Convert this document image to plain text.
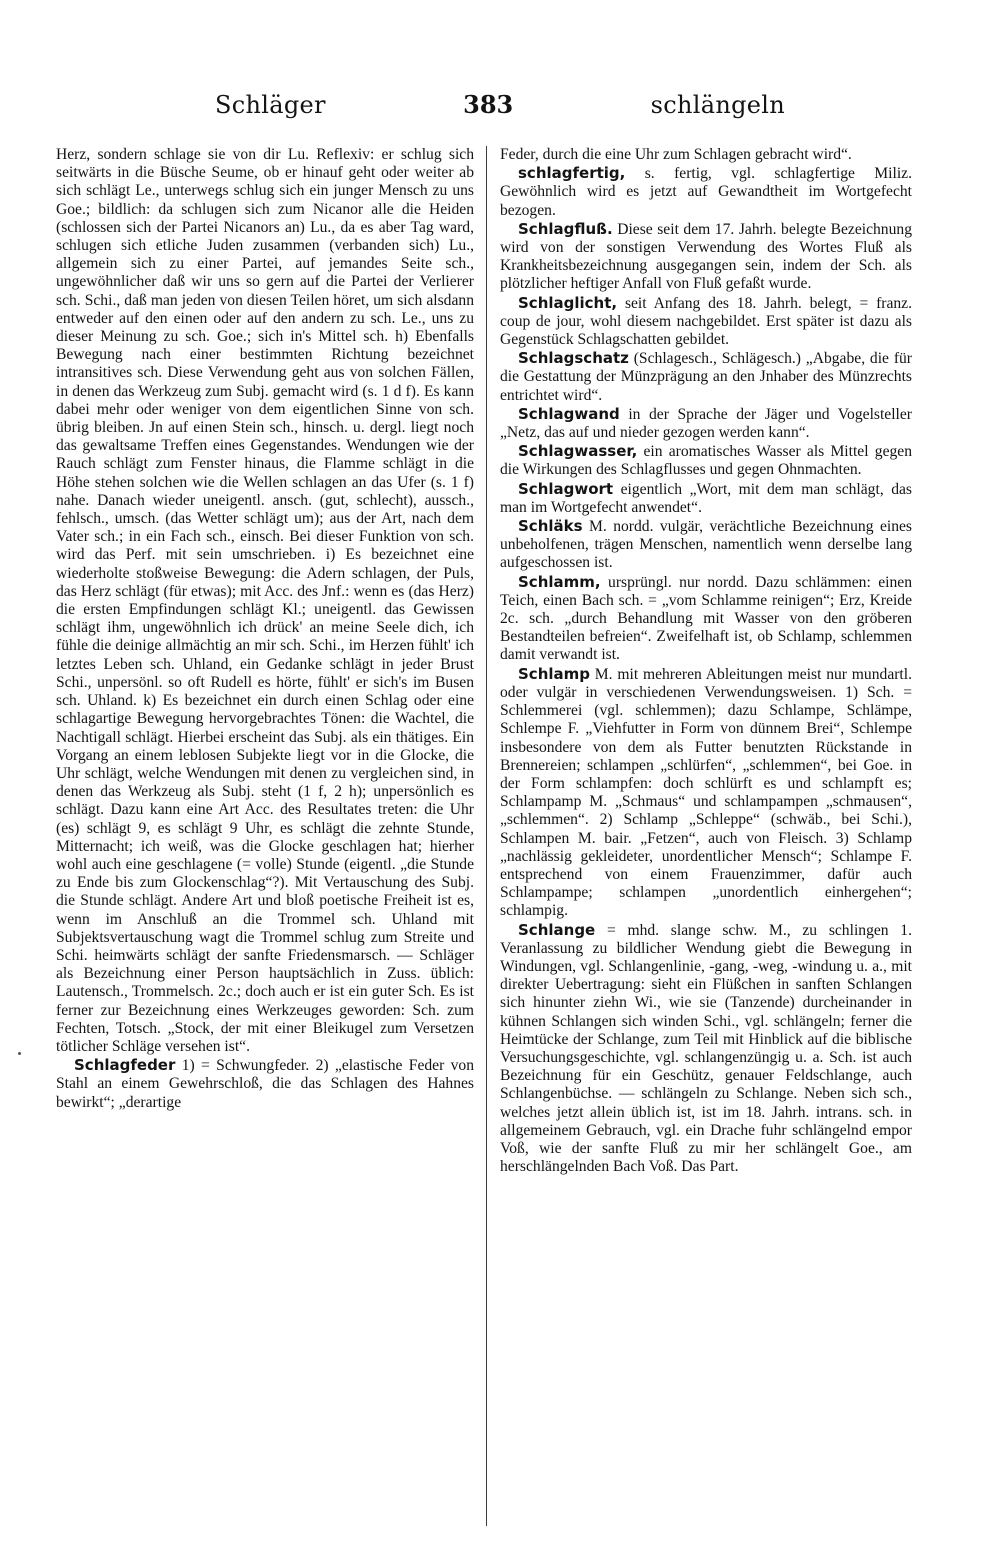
Schläger	383	schlängeln

Herz, sondern schlage sie von dir Lu. Reflexiv: er schlug sich seitwärts in die Büsche Seume, ob er hinauf geht oder weiter ab sich schlägt Le., unterwegs schlug sich ein junger Mensch zu uns Goe.; bildlich: da schlugen sich zum Nicanor alle die Heiden (schlossen sich der Partei Nicanors an) Lu., da es aber Tag ward, schlugen sich etliche Juden zusammen (verbanden sich) Lu., allgemein sich zu einer Partei, auf jemandes Seite sch., ungewöhnlicher daß wir uns so gern auf die Partei der Verlierer sch. Schi., daß man jeden von diesen Teilen höret, um sich alsdann entweder auf den einen oder auf den andern zu sch. Le., uns zu dieser Meinung zu sch. Goe.; sich in's Mittel sch. h) Ebenfalls Bewegung nach einer bestimmten Richtung bezeichnet intransitives sch. Diese Verwendung geht aus von solchen Fällen, in denen das Werkzeug zum Subj. gemacht wird (s. 1 d f). Es kann dabei mehr oder weniger von dem eigentlichen Sinne von sch. übrig bleiben. Jn auf einen Stein sch., hinsch. u. dergl. liegt noch das gewaltsame Treffen eines Gegenstandes. Wendungen wie der Rauch schlägt zum Fenster hinaus, die Flamme schlägt in die Höhe stehen solchen wie die Wellen schlagen an das Ufer (s. 1 f) nahe. Danach wieder uneigentl. ansch. (gut, schlecht), aussch., fehlsch., umsch. (das Wetter schlägt um); aus der Art, nach dem Vater sch.; in ein Fach sch., einsch. Bei dieser Funktion von sch. wird das Perf. mit sein umschrieben. i) Es bezeichnet eine wiederholte stoßweise Bewegung: die Adern schlagen, der Puls, das Herz schlägt (für etwas); mit Acc. des Jnf.: wenn es (das Herz) die ersten Empfindungen schlägt Kl.; uneigentl. das Gewissen schlägt ihm, ungewöhnlich ich drück' an meine Seele dich, ich fühle die deinige allmächtig an mir sch. Schi., im Herzen fühlt' ich letztes Leben sch. Uhland, ein Gedanke schlägt in jeder Brust Schi., unpersönl. so oft Rudell es hörte, fühlt' er sich's im Busen sch. Uhland. k) Es bezeichnet ein durch einen Schlag oder eine schlagartige Bewegung hervorgebrachtes Tönen: die Wachtel, die Nachtigall schlägt. Hierbei erscheint das Subj. als ein thätiges. Ein Vorgang an einem leblosen Subjekte liegt vor in die Glocke, die Uhr schlägt, welche Wendungen mit denen zu vergleichen sind, in denen das Werkzeug als Subj. steht (1 f, 2 h); unpersönlich es schlägt. Dazu kann eine Art Acc. des Resultates treten: die Uhr (es) schlägt 9, es schlägt 9 Uhr, es schlägt die zehnte Stunde, Mitternacht; ich weiß, was die Glocke geschlagen hat; hierher wohl auch eine geschlagene (= volle) Stunde (eigentl. „die Stunde zu Ende bis zum Glockenschlag“?). Mit Vertauschung des Subj. die Stunde schlägt. Andere Art und bloß poetische Freiheit ist es, wenn im Anschluß an die Trommel sch. Uhland mit Subjektsvertauschung wagt die Trommel schlug zum Streite und Schi. heimwärts schlägt der sanfte Friedensmarsch. — Schläger als Bezeichnung einer Person hauptsächlich in Zuss. üblich: Lautensch., Trommelsch. 2c.; doch auch er ist ein guter Sch. Es ist ferner zur Bezeichnung eines Werkzeuges geworden: Sch. zum Fechten, Totsch. „Stock, der mit einer Bleikugel zum Versetzen tötlicher Schläge versehen ist“.

Schlagfeder 1) = Schwungfeder. 2) „elastische Feder von Stahl an einem Gewehrschloß, die das Schlagen des Hahnes bewirkt“; „derartige

Feder, durch die eine Uhr zum Schlagen gebracht wird“.

schlagfertig, s. fertig, vgl. schlagfertige Miliz. Gewöhnlich wird es jetzt auf Gewandtheit im Wortgefecht bezogen.

Schlagfluß. Diese seit dem 17. Jahrh. belegte Bezeichnung wird von der sonstigen Verwendung des Wortes Fluß als Krankheitsbezeichnung ausgegangen sein, indem der Sch. als plötzlicher heftiger Anfall von Fluß gefaßt wurde.

Schlaglicht, seit Anfang des 18. Jahrh. belegt, = franz. coup de jour, wohl diesem nachgebildet. Erst später ist dazu als Gegenstück Schlagschatten gebildet.

Schlagschatz (Schlagesch., Schlägesch.) „Abgabe, die für die Gestattung der Münzprägung an den Jnhaber des Münzrechts entrichtet wird“.

Schlagwand in der Sprache der Jäger und Vogelsteller „Netz, das auf und nieder gezogen werden kann“.

Schlagwasser, ein aromatisches Wasser als Mittel gegen die Wirkungen des Schlagflusses und gegen Ohnmachten.

Schlagwort eigentlich „Wort, mit dem man schlägt, das man im Wortgefecht anwendet“.

Schläks M. nordd. vulgär, verächtliche Bezeichnung eines unbeholfenen, trägen Menschen, namentlich wenn derselbe lang aufgeschossen ist.

Schlamm, ursprüngl. nur nordd. Dazu schlämmen: einen Teich, einen Bach sch. = „vom Schlamme reinigen“; Erz, Kreide 2c. sch. „durch Behandlung mit Wasser von den gröberen Bestandteilen befreien“. Zweifelhaft ist, ob Schlamp, schlemmen damit verwandt ist.

Schlamp M. mit mehreren Ableitungen meist nur mundartl. oder vulgär in verschiedenen Verwendungsweisen. 1) Sch. = Schlemmerei (vgl. schlemmen); dazu Schlampe, Schlämpe, Schlempe F. „Viehfutter in Form von dünnem Brei“, Schlempe insbesondere von dem als Futter benutzten Rückstande in Brennereien; schlampen „schlürfen“, „schlemmen“, bei Goe. in der Form schlampfen: doch schlürft es und schlampft es; Schlampamp M. „Schmaus“ und schlampampen „schmausen“, „schlemmen“. 2) Schlamp „Schleppe“ (schwäb., bei Schi.), Schlampen M. bair. „Fetzen“, auch von Fleisch. 3) Schlamp „nachlässig gekleideter, unordentlicher Mensch“; Schlampe F. entsprechend von einem Frauenzimmer, dafür auch Schlampampe; schlampen „unordentlich einhergehen“; schlampig.

Schlange = mhd. slange schw. M., zu schlingen 1. Veranlassung zu bildlicher Wendung giebt die Bewegung in Windungen, vgl. Schlangenlinie, -gang, -weg, -windung u. a., mit direkter Uebertragung: sieht ein Flüßchen in sanften Schlangen sich hinunter ziehn Wi., wie sie (Tanzende) durcheinander in kühnen Schlangen sich winden Schi., vgl. schlängeln; ferner die Heimtücke der Schlange, zum Teil mit Hinblick auf die biblische Versuchungsgeschichte, vgl. schlangenzüngig u. a. Sch. ist auch Bezeichnung für ein Geschütz, genauer Feldschlange, auch Schlangenbüchse. — schlängeln zu Schlange. Neben sich sch., welches jetzt allein üblich ist, ist im 18. Jahrh. intrans. sch. in allgemeinem Gebrauch, vgl. ein Drache fuhr schlängelnd empor Voß, wie der sanfte Fluß zu mir her schlängelt Goe., am herschlängelnden Bach Voß. Das Part.
